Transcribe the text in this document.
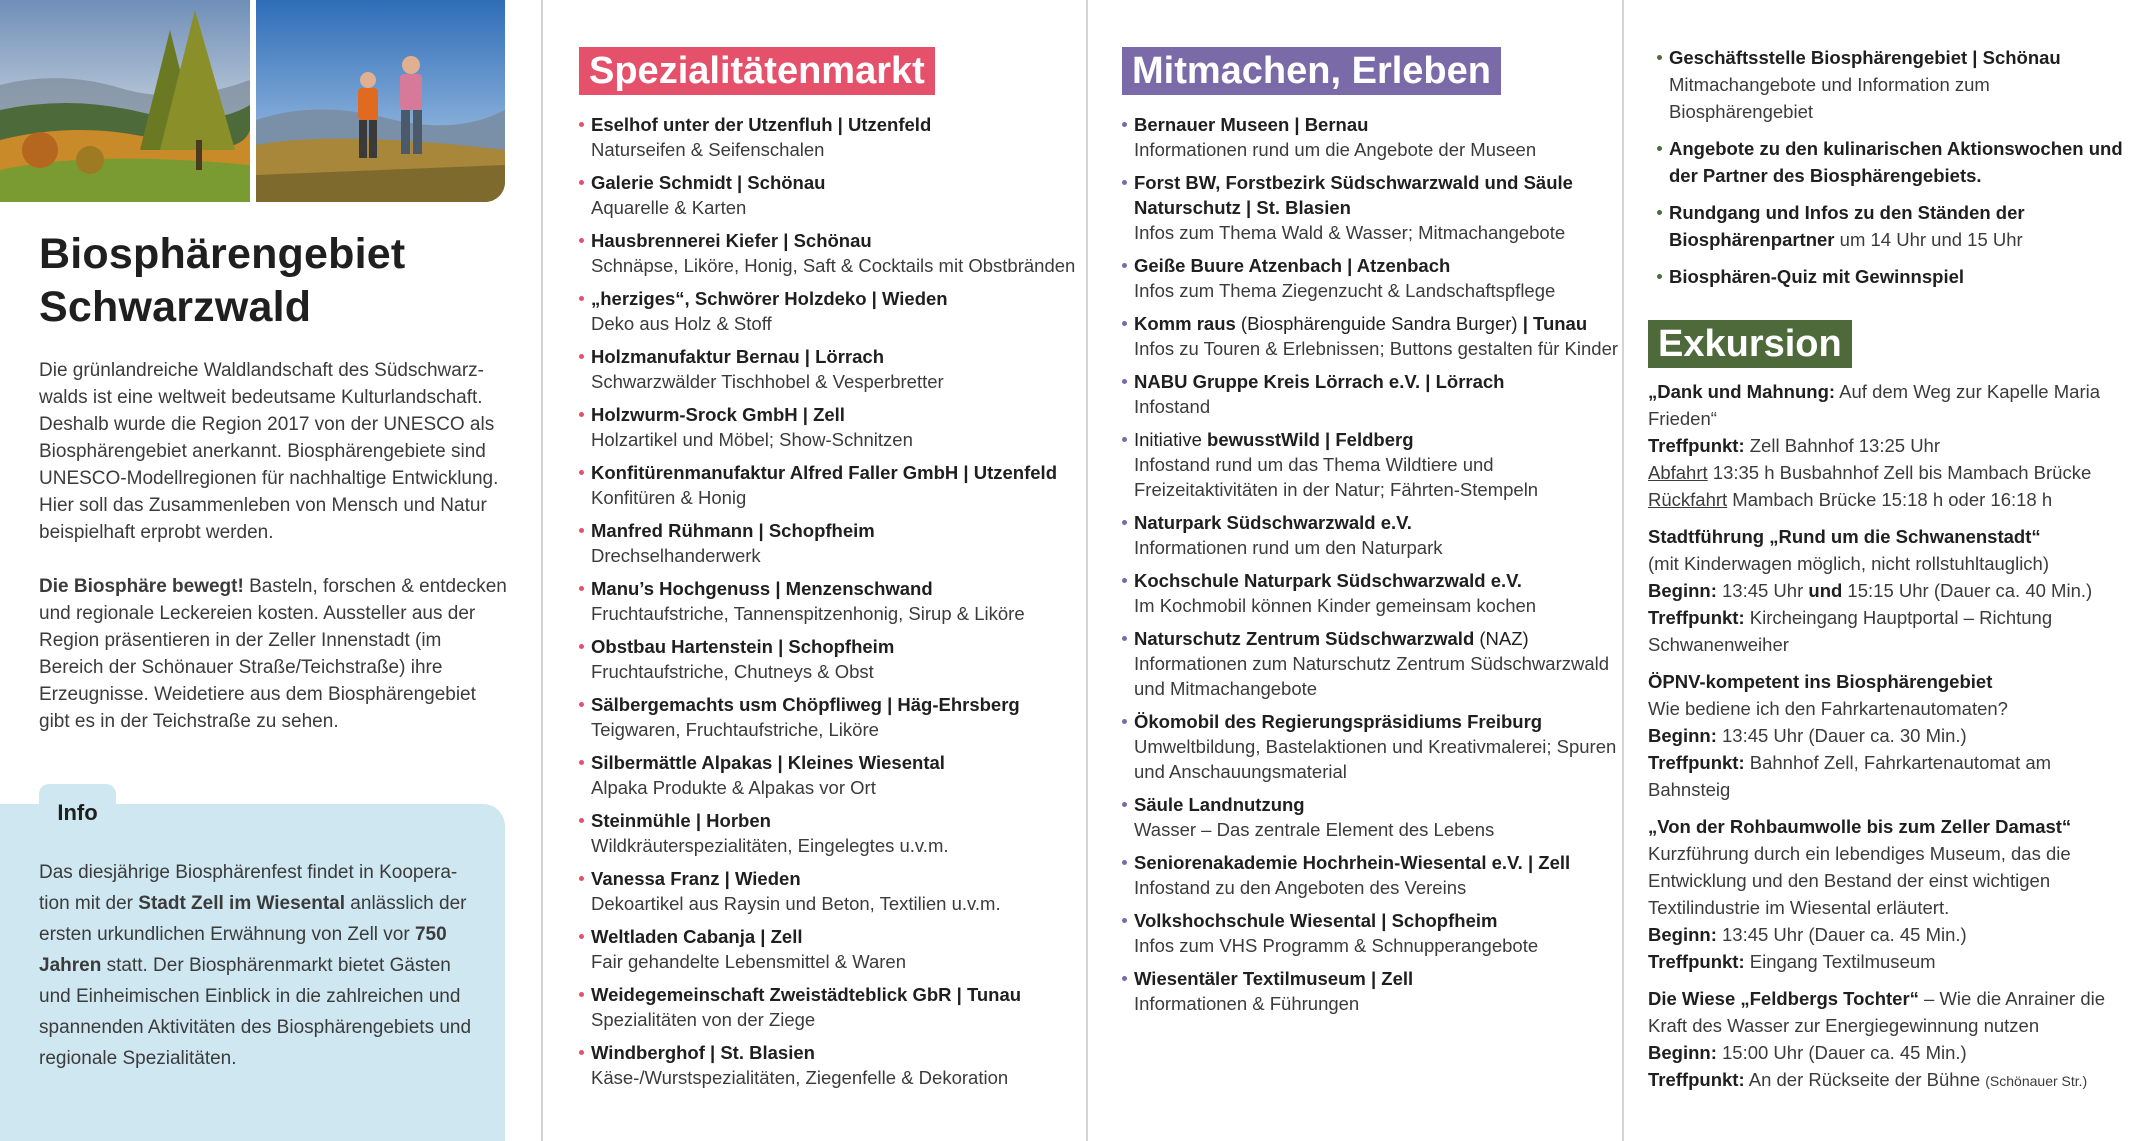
Biosphärengebiet
Schwarzwald

Die grünlandreiche Waldlandschaft des Südschwarz-walds ist eine weltweit bedeutsame Kulturlandschaft. Deshalb wurde die Region 2017 von der UNESCO als Biosphärengebiet anerkannt. Biosphärengebiete sind UNESCO-Modellregionen für nachhaltige Entwicklung. Hier soll das Zusammenleben von Mensch und Natur beispielhaft erprobt werden.

Die Biosphäre bewegt! Basteln, forschen & entdecken und regionale Leckereien kosten. Aussteller aus der Region präsentieren in der Zeller Innenstadt (im Bereich der Schönauer Straße/Teichstraße) ihre Erzeugnisse. Weidetiere aus dem Biosphärengebiet gibt es in der Teichstraße zu sehen.

Info
Das diesjährige Biosphärenfest findet in Koopera-tion mit der Stadt Zell im Wiesental anlässlich der ersten urkundlichen Erwähnung von Zell vor 750 Jahren statt. Der Biosphärenmarkt bietet Gästen und Einheimischen Einblick in die zahlreichen und spannenden Aktivitäten des Biosphärengebiets und regionale Spezialitäten.
Spezialitätenmarkt
Eselhof unter der Utzenfluh | Utzenfeld
Naturseifen & Seifenschalen
Galerie Schmidt | Schönau
Aquarelle & Karten
Hausbrennerei Kiefer | Schönau
Schnäpse, Liköre, Honig, Saft & Cocktails mit Obstbränden
„herziges“, Schwörer Holzdeko | Wieden
Deko aus Holz & Stoff
Holzmanufaktur Bernau | Lörrach
Schwarzwälder Tischhobel & Vesperbretter
Holzwurm-Srock GmbH | Zell
Holzartikel und Möbel; Show-Schnitzen
Konfitürenmanufaktur Alfred Faller GmbH | Utzenfeld
Konfitüren & Honig
Manfred Rühmann | Schopfheim
Drechselhanderwerk
Manu’s Hochgenuss | Menzenschwand
Fruchtaufstriche, Tannenspitzenhonig, Sirup & Liköre
Obstbau Hartenstein | Schopfheim
Fruchtaufstriche, Chutneys & Obst
Sälbergemachts usm Chöpfliweg | Häg-Ehrsberg
Teigwaren, Fruchtaufstriche, Liköre
Silbermättle Alpakas | Kleines Wiesental
Alpaka Produkte & Alpakas vor Ort
Steinmühle | Horben
Wildkräuterspezialitäten, Eingelegtes u.v.m.
Vanessa Franz | Wieden
Dekoartikel aus Raysin und Beton, Textilien u.v.m.
Weltladen Cabanja | Zell
Fair gehandelte Lebensmittel & Waren
Weidegemeinschaft Zweistädteblick GbR | Tunau
Spezialitäten von der Ziege
Windberghof | St. Blasien
Käse-/Wurstspezialitäten, Ziegenfelle & Dekoration
Mitmachen, Erleben
Bernauer Museen | Bernau
Informationen rund um die Angebote der Museen
Forst BW, Forstbezirk Südschwarzwald und Säule Naturschutz | St. Blasien
Infos zum Thema Wald & Wasser; Mitmachangebote
Geiße Buure Atzenbach | Atzenbach
Infos zum Thema Ziegenzucht & Landschaftspflege
Komm raus (Biosphärenguide Sandra Burger) | Tunau
Infos zu Touren & Erlebnissen; Buttons gestalten für Kinder
NABU Gruppe Kreis Lörrach e.V. | Lörrach
Infostand
Initiative bewusstWild | Feldberg
Infostand rund um das Thema Wildtiere und Freizeitaktivitäten in der Natur; Fährten-Stempeln
Naturpark Südschwarzwald e.V.
Informationen rund um den Naturpark
Kochschule Naturpark Südschwarzwald e.V.
Im Kochmobil können Kinder gemeinsam kochen
Naturschutz Zentrum Südschwarzwald (NAZ)
Informationen zum Naturschutz Zentrum Südschwarzwald und Mitmachangebote
Ökomobil des Regierungspräsidiums Freiburg
Umweltbildung, Bastelaktionen und Kreativmalerei; Spuren und Anschauungsmaterial
Säule Landnutzung
Wasser – Das zentrale Element des Lebens
Seniorenakademie Hochrhein-Wiesental e.V. | Zell
Infostand zu den Angeboten des Vereins
Volkshochschule Wiesental | Schopfheim
Infos zum VHS Programm & Schnupperangebote
Wiesentäler Textilmuseum | Zell
Informationen & Führungen
Geschäftsstelle Biosphärengebiet | Schönau
Mitmachangebote und Information zum Biosphärengebiet
Angebote zu den kulinarischen Aktionswochen und der Partner des Biosphärengebiets.
Rundgang und Infos zu den Ständen der Biosphärenpartner um 14 Uhr und 15 Uhr
Biosphären-Quiz mit Gewinnspiel
Exkursion
„Dank und Mahnung: Auf dem Weg zur Kapelle Maria Frieden“
Treffpunkt: Zell Bahnhof 13:25 Uhr
Abfahrt 13:35 h Busbahnhof Zell bis Mambach Brücke
Rückfahrt Mambach Brücke 15:18 h oder 16:18 h
Stadtführung „Rund um die Schwanenstadt“
(mit Kinderwagen möglich, nicht rollstuhltauglich)
Beginn: 13:45 Uhr und 15:15 Uhr (Dauer ca. 40 Min.)
Treffpunkt: Kircheingang Hauptportal – Richtung Schwanenweiher
ÖPNV-kompetent ins Biosphärengebiet
Wie bediene ich den Fahrkartenautomaten?
Beginn: 13:45 Uhr (Dauer ca. 30 Min.)
Treffpunkt: Bahnhof Zell, Fahrkartenautomat am Bahnsteig
„Von der Rohbaumwolle bis zum Zeller Damast“
Kurzführung durch ein lebendiges Museum, das die Entwicklung und den Bestand der einst wichtigen Textilindustrie im Wiesental erläutert.
Beginn: 13:45 Uhr (Dauer ca. 45 Min.)
Treffpunkt: Eingang Textilmuseum
Die Wiese „Feldbergs Tochter“ – Wie die Anrainer die Kraft des Wasser zur Energiegewinnung nutzen
Beginn: 15:00 Uhr (Dauer ca. 45 Min.)
Treffpunkt: An der Rückseite der Bühne (Schönauer Str.)
